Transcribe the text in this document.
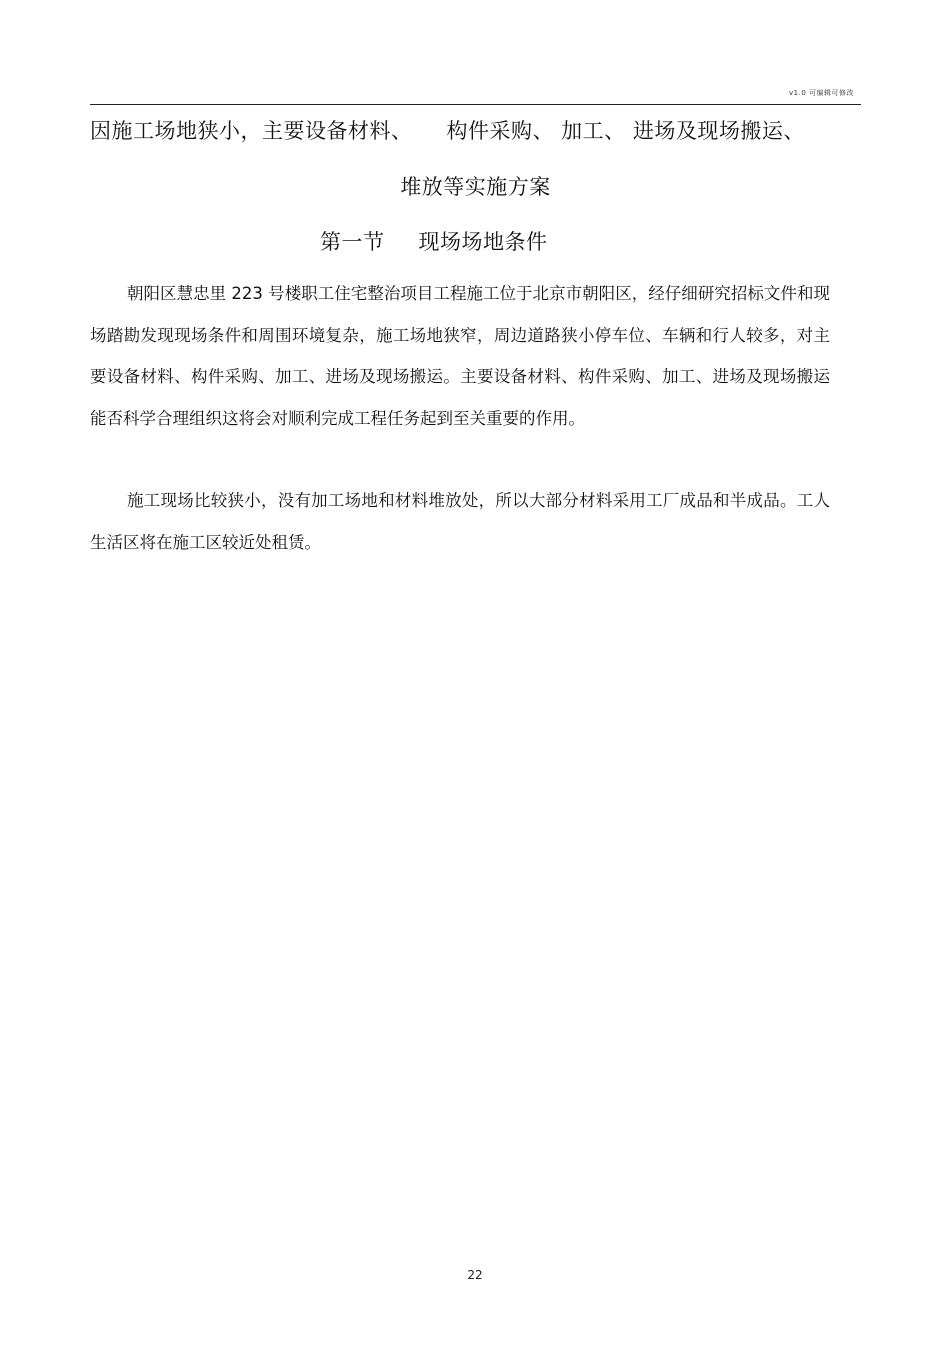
v1.0 可编辑可修改
因施工场地狭小，主要设备材料、 构件采购、 加工、 进场及现场搬运、
堆放等实施方案
第一节 现场场地条件

朝阳区慧忠里 223 号楼职工住宅整治项目工程施工位于北京市朝阳区，经仔细研究招标文件和现场踏勘发现现场条件和周围环境复杂，施工场地狭窄，周边道路狭小停车位、车辆和行人较多，对主要设备材料、构件采购、加工、进场及现场搬运。主要设备材料、构件采购、加工、进场及现场搬运能否科学合理组织这将会对顺利完成工程任务起到至关重要的作用。

施工现场比较狭小，没有加工场地和材料堆放处，所以大部分材料采用工厂成品和半成品。工人生活区将在施工区较近处租赁。

22
